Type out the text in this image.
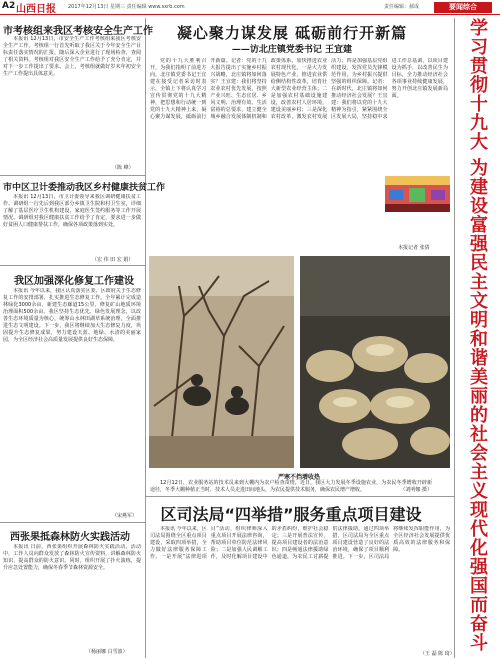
A2 山西日报 2017年12月13日 星期三 责任编辑 www.sxrb.com	责任编辑：郝成	要闻综合
市考核组来我区考核安全生产工作
本报讯 12月13日，市安全生产工作考核组来我区考核安全生产工作。考核组一行首先听取了我区关于今年安全生产目标责任落实情况的汇报，随后深入企业进行了现场检查，查阅了相关资料。考核组对我区安全生产工作给予了充分肯定，并对下一步工作提出了要求。会上，考核组就做好岁末年初安全生产工作提出具体意见。
（陈 峰）
市中区卫计委推动我区乡村健康扶贫工作
本报讯 12月13日，市卫计委领导来我区调研健康扶贫工作。调研组一行先后到我区部分乡镇卫生院和村卫生室，详细了解了基层医疗卫生机构建设、家庭医生签约服务等工作开展情况。调研组对我区健康扶贫工作给予了肯定，要求进一步做好贫困人口健康帮扶工作，确保各项政策落到实处。
（宏 伟 田 宏 娟）
我区加强深化修复工作建设
本报讯 今年以来，我区认真落实区委、区政府关于生态修复工作的安排部署，扎实推进生态修复工作。全年累计完成造林绿化3000余亩，新建生态廊道15公里，修复矿山地质环境治理面积500余亩。我区坚持生态优先、绿色发展理念，以改善生态环境质量为核心，统筹山水林田湖草系统治理，全面推进生态文明建设。下一步，我区将继续加大生态修复力度，巩固提升生态修复成果，努力建设天蓝、地绿、水清的美丽家园，为全区经济社会高质量发展提供良好生态保障。
（宋燕军）
西张果抵森林防火实践活动
本报讯 日前，西张果组织开展森林防火实践活动。活动中，工作人员向群众发放了森林防火宣传资料，讲解森林防火知识，提高群众的防火意识。同时，组织开展了扑火演练，提升应急处置能力，确保冬春季节森林资源安全。
（杨丽娜 白雪波）
凝心聚力谋发展 砥砺前行开新篇
——访北庄镇党委书记 王宜建
党的十九大胜利召开，为我们指明了前进方向。北庄镇党委书记王宜建在接受记者采访时表示，全镇上下将认真学习宣传贯彻党的十九大精神，把思想和行动统一到党的十九大精神上来，凝心聚力谋发展，砥砺前行开新篇。记者：党的十九大报告提出了实施乡村振兴战略，北庄镇将如何落实？王宜建：我们将坚持农业农村优先发展，按照产业兴旺、生态宜居、乡风文明、治理有效、生活富裕的总要求，建立健全城乡融合发展体制机制和政策体系，加快推进农业农村现代化。一是大力发展特色产业，推进农业供给侧结构性改革，培育壮大新型农业经营主体；二是加强农村基础设施建设，改善农村人居环境，建设美丽乡村；三是深化农村改革，激发农村发展活力；四是加强基层党组织建设，发挥党员先锋模范作用，为乡村振兴提供坚强的组织保障。记者：在新时代，北庄镇将如何推动经济社会发展？王宜建：我们将以党的十九大精神为指引，紧紧围绕全区发展大局，坚持稳中求进工作总基调，以项目建设为抓手，以改善民生为目标，全力推动经济社会各项事业持续健康发展，努力开创北庄镇发展新局面。
本报记者 张倩
严寒不挡增收热
12月12日，农业服务站的技术员来到大棚内为农户检查苗情，近日，我区大力发展冬季设施农业，为农民冬季增收开辟新途径，冬季大棚种植正当时，技术人员走进田间地头，为农民提供技术服务，确保农民增产增收。	（刘明娜 摄）
区司法局“四举措”服务重点项目建设
本报讯 今年以来，区司法局围绕全区重点项目建设，采取四项举措，全力做好法律服务保障工作。一是开展“法律进项目”活动，组织律师深入重点项目开展法律咨询，帮助项目单位防范法律风险；二是加强人民调解工作，及时化解项目建设中的矛盾纠纷，维护社会稳定；三是开展普法宣传，提高项目建设者的法治意识；四是畅通法律援助绿色通道，为农民工讨薪提供法律援助。通过四项举措，区司法局为全区重点项目建设营造了良好的法治环境，确保了项目顺利推进。下一步，区司法局将继续发挥职能作用，为全区经济社会发展提供优质高效的法律服务和保障。
（王 磊 陈 琦）
学习贯彻十九大 为建设富强民主文明和谐美丽的社会主义现代化强国而奋斗
